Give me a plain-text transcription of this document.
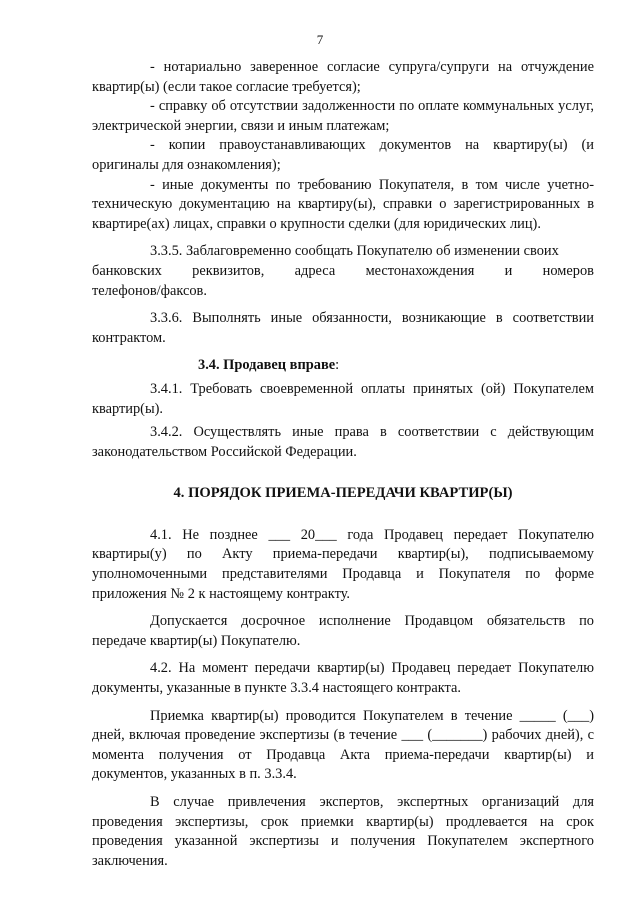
7

- нотариально заверенное согласие супруга/супруги на отчуждение квартир(ы) (если такое согласие требуется);

- справку об отсутствии задолженности по оплате коммунальных услуг, электрической энергии, связи и иным платежам;

- копии правоустанавливающих документов на квартиру(ы) (и оригиналы для ознакомления);

- иные документы по требованию Покупателя, в том числе учетно-техническую документацию на квартиру(ы), справки о зарегистрированных в квартире(ах) лицах, справки о крупности сделки (для юридических лиц).

3.3.5. Заблаговременно сообщать Покупателю об изменении своих

банковских реквизитов, адреса местонахождения и номеров

телефонов/факсов.

3.3.6. Выполнять иные обязанности, возникающие в соответствии контрактом.

3.4. Продавец вправе:

3.4.1. Требовать своевременной оплаты принятых (ой) Покупателем квартир(ы).

3.4.2. Осуществлять иные права в соответствии с действующим законодательством Российской Федерации.

4. ПОРЯДОК ПРИЕМА-ПЕРЕДАЧИ КВАРТИР(Ы)

4.1. Не позднее ___ 20___ года Продавец передает Покупателю квартиры(у) по Акту приема-передачи квартир(ы), подписываемому уполномоченными представителями Продавца и Покупателя по форме приложения № 2 к настоящему контракту.

Допускается досрочное исполнение Продавцом обязательств по передаче квартир(ы) Покупателю.

4.2. На момент передачи квартир(ы) Продавец передает Покупателю документы, указанные в пункте 3.3.4 настоящего контракта.

Приемка квартир(ы) проводится Покупателем в течение _____ (___) дней, включая проведение экспертизы (в течение ___ (_______) рабочих дней), с момента получения от Продавца Акта приема-передачи квартир(ы) и документов, указанных в п. 3.3.4.

В случае привлечения экспертов, экспертных организаций для проведения экспертизы, срок приемки квартир(ы) продлевается на срок проведения указанной экспертизы и получения Покупателем экспертного заключения.
